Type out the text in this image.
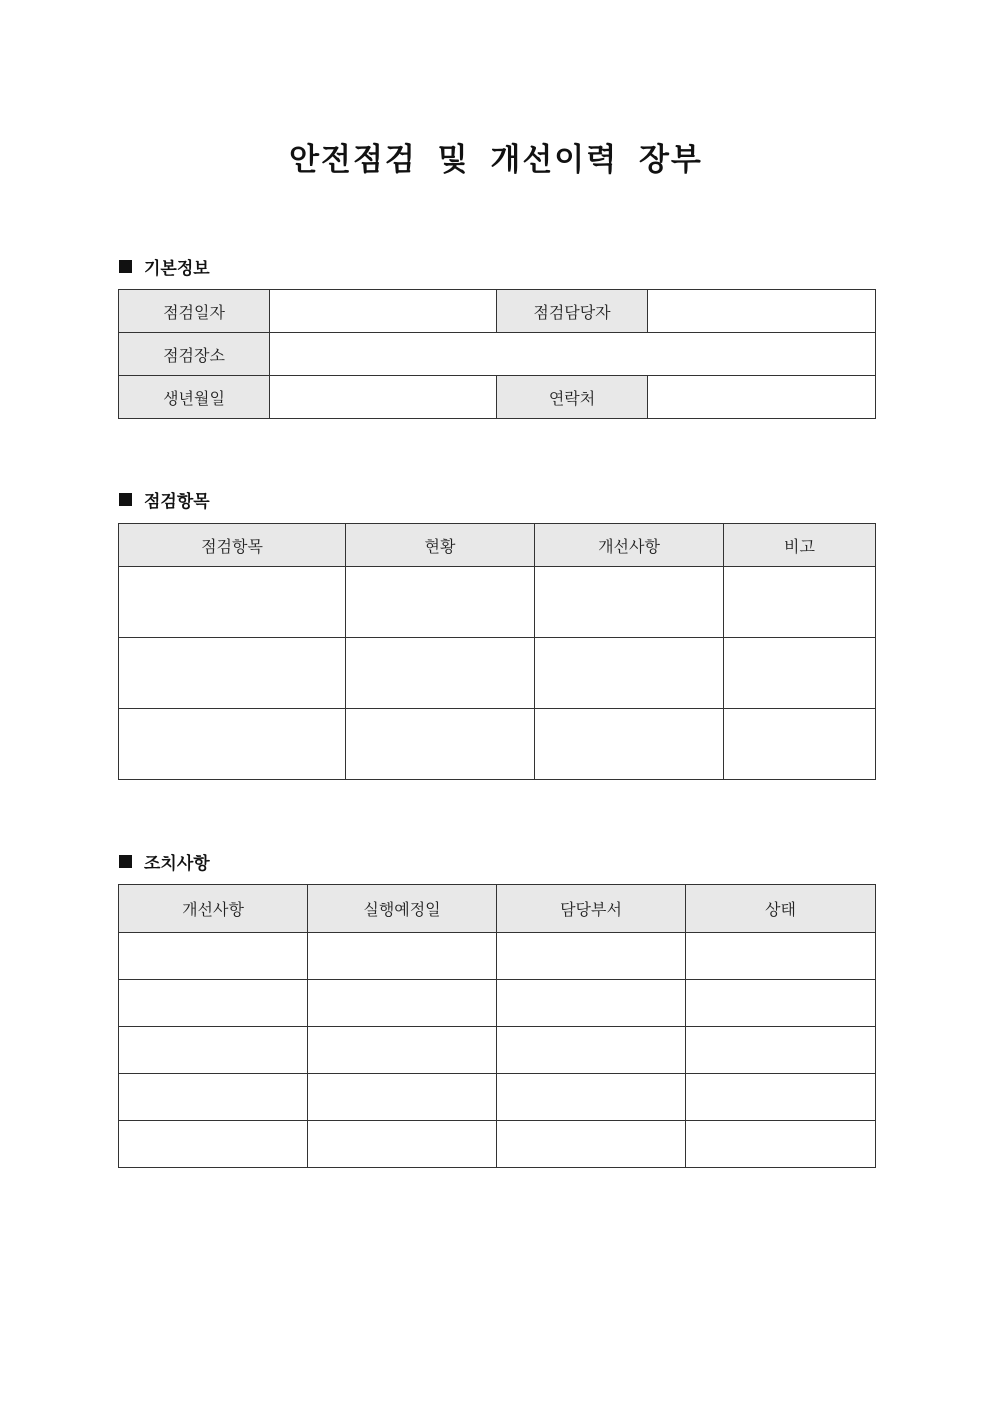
안전점검 및 개선이력 장부
기본정보
점검일자		점검담당자	
점검장소			
생년월일		연락처	
점검항목
점검항목	현황	개선사항	비고

조치사항
개선사항	실행예정일	담당부서	상태
